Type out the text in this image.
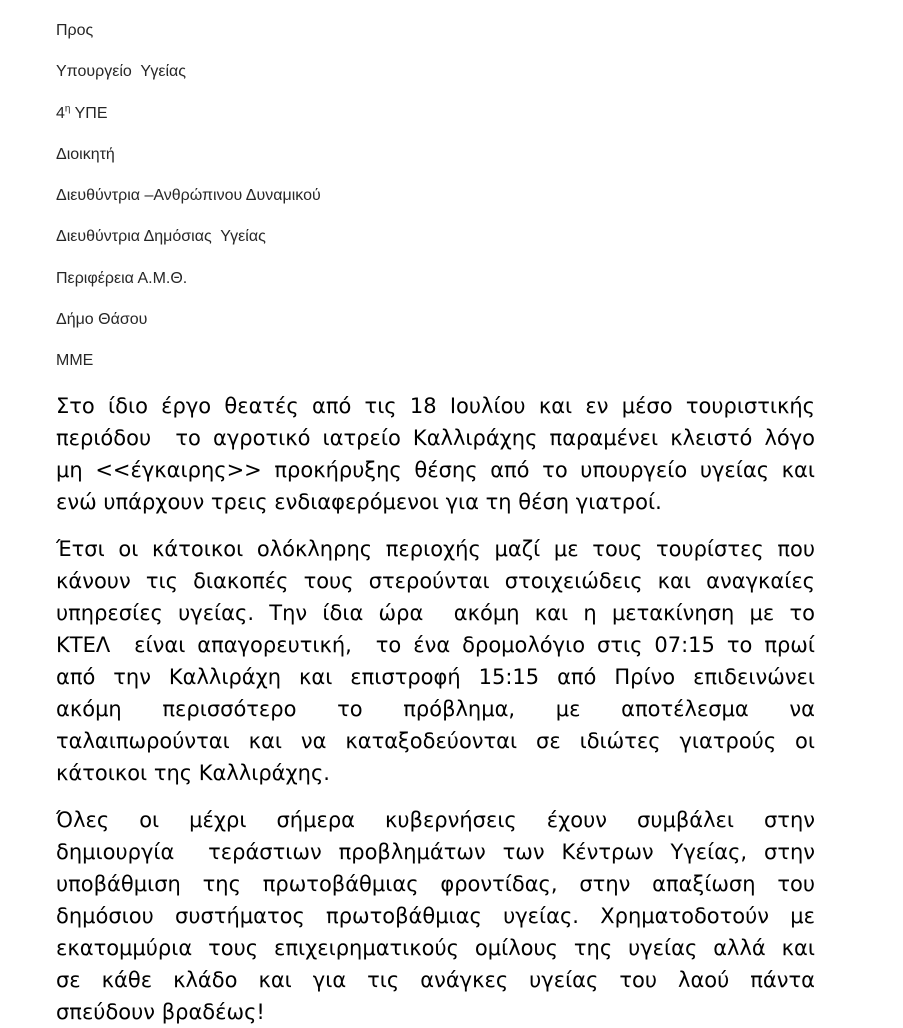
Προς
Υπουργείο  Υγείας
$4^\eta$ ΥΠΕ
Διοικητή
Διευθύντρια –Ανθρώπινου Δυναμικού
Διευθύντρια Δημόσιας  Υγείας
Περιφέρεια Α.Μ.Θ.
Δήμο Θάσου
ΜΜΕ
Στο ίδιο έργο θεατές από τις 18 Ιουλίου και εν μέσο τουριστικής
περιόδου  το αγροτικό ιατρείο Καλλιράχης παραμένει κλειστό λόγο
μη <<έγκαιρης>> προκήρυξης θέσης από το υπουργείο υγείας και
ενώ υπάρχουν τρεις ενδιαφερόμενοι για τη θέση γιατροί.
Έτσι οι κάτοικοι ολόκληρης περιοχής μαζί με τους τουρίστες που
κάνουν τις διακοπές τους στερούνται στοιχειώδεις και αναγκαίες
υπηρεσίες υγείας. Την ίδια ώρα  ακόμη και η μετακίνηση με το
ΚΤΕΛ  είναι απαγορευτική,  το ένα δρομολόγιο στις 07:15 το πρωί
από την Καλλιράχη και επιστροφή 15:15 από Πρίνο επιδεινώνει
ακόμη  περισσότερο  το  πρόβλημα,  με  αποτέλεσμα  να
ταλαιπωρούνται και να καταξοδεύονται σε ιδιώτες γιατρούς οι
κάτοικοι της Καλλιράχης.
Όλες οι μέχρι σήμερα κυβερνήσεις έχουν συμβάλει στην
δημιουργία  τεράστιων προβλημάτων των Κέντρων Υγείας, στην
υποβάθμιση της πρωτοβάθμιας φροντίδας, στην απαξίωση του
δημόσιου συστήματος πρωτοβάθμιας υγείας. Χρηματοδοτούν με
εκατομμύρια τους επιχειρηματικούς ομίλους της υγείας αλλά και
σε κάθε κλάδο και για τις ανάγκες υγείας του λαού πάντα
σπεύδουν βραδέως!
